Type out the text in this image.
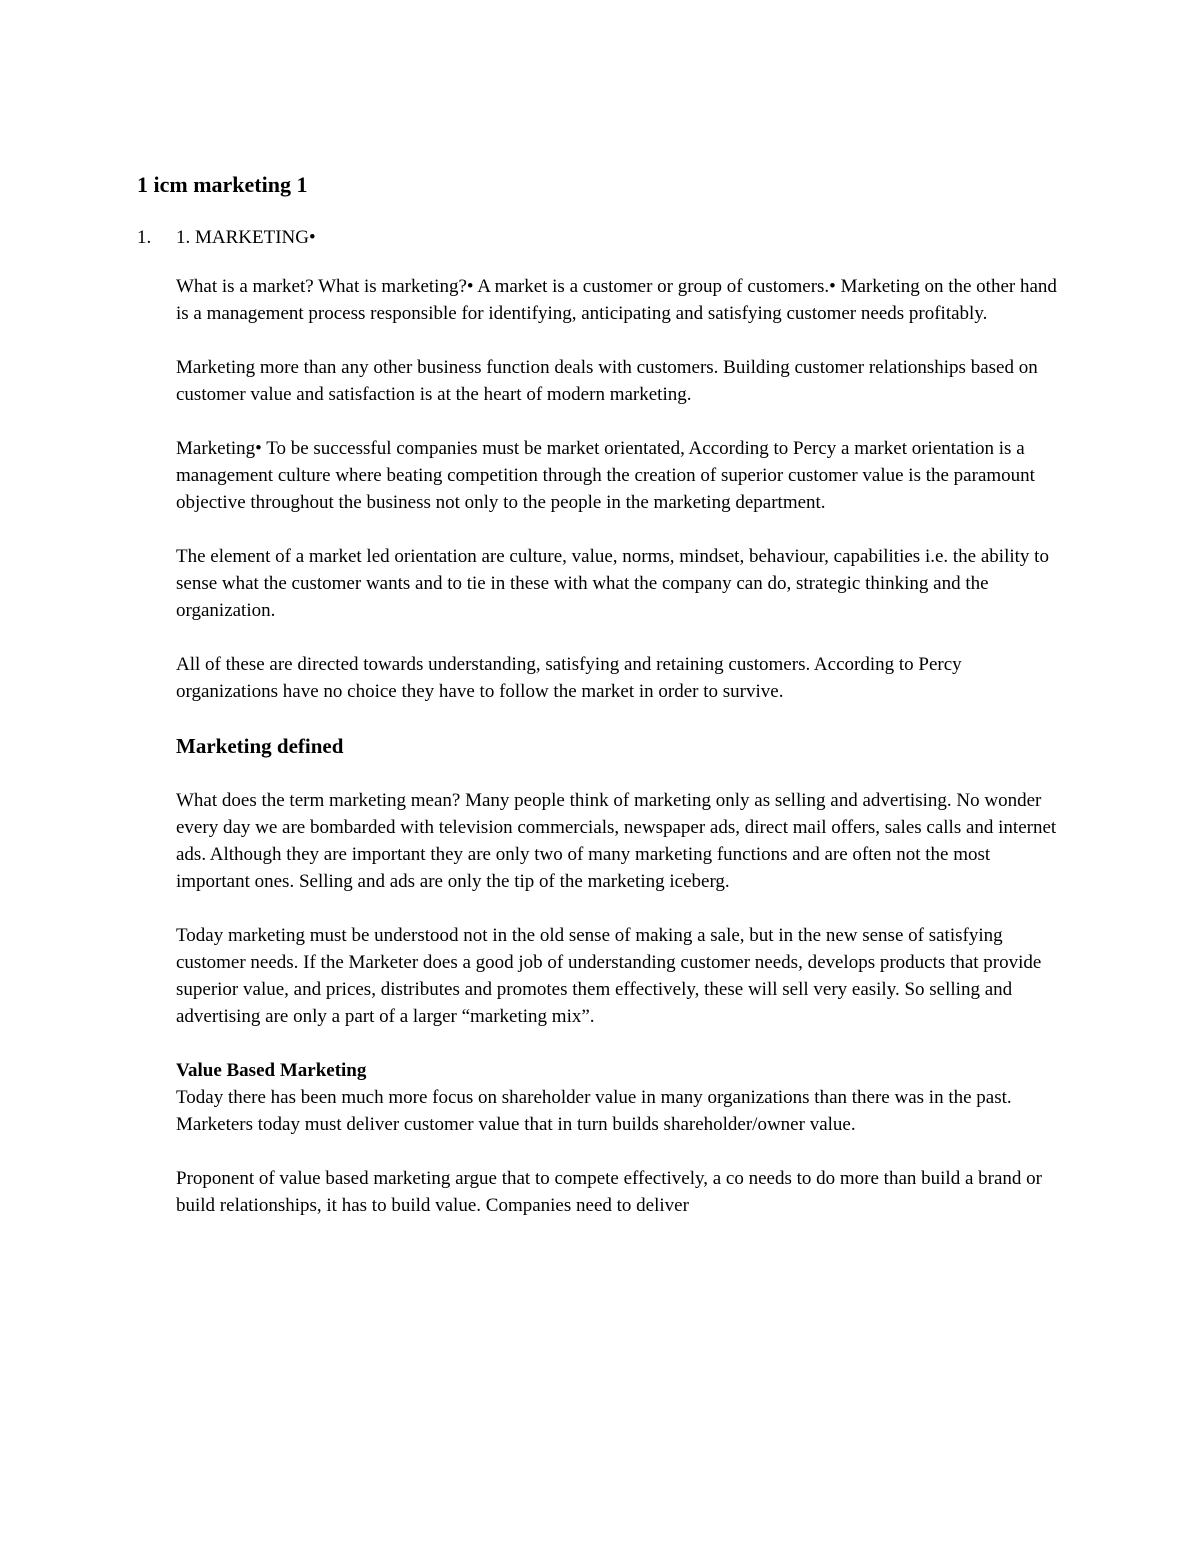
1 icm marketing 1
1.	1. MARKETING•

What is a market? What is marketing?• A market is a customer or group of customers.• Marketing on the other hand is a management process responsible for identifying, anticipating and satisfying customer needs profitably.

Marketing more than any other business function deals with customers. Building customer relationships based on customer value and satisfaction is at the heart of modern marketing.

Marketing• To be successful companies must be market orientated, According to Percy a market orientation is a management culture where beating competition through the creation of superior customer value is the paramount objective throughout the business not only to the people in the marketing department.

The element of a market led orientation are culture, value, norms, mindset, behaviour, capabilities i.e. the ability to sense what the customer wants and to tie in these with what the company can do, strategic thinking and the organization.

All of these are directed towards understanding, satisfying and retaining customers. According to Percy organizations have no choice they have to follow the market in order to survive.

Marketing defined

What does the term marketing mean? Many people think of marketing only as selling and advertising. No wonder every day we are bombarded with television commercials, newspaper ads, direct mail offers, sales calls and internet ads. Although they are important they are only two of many marketing functions and are often not the most important ones. Selling and ads are only the tip of the marketing iceberg.

Today marketing must be understood not in the old sense of making a sale, but in the new sense of satisfying customer needs. If the Marketer does a good job of understanding customer needs, develops products that provide superior value, and prices, distributes and promotes them effectively, these will sell very easily. So selling and advertising are only a part of a larger “marketing mix”.

Value Based Marketing

Today there has been much more focus on shareholder value in many organizations than there was in the past. Marketers today must deliver customer value that in turn builds shareholder/owner value.

Proponent of value based marketing argue that to compete effectively, a co needs to do more than build a brand or build relationships, it has to build value. Companies need to deliver
